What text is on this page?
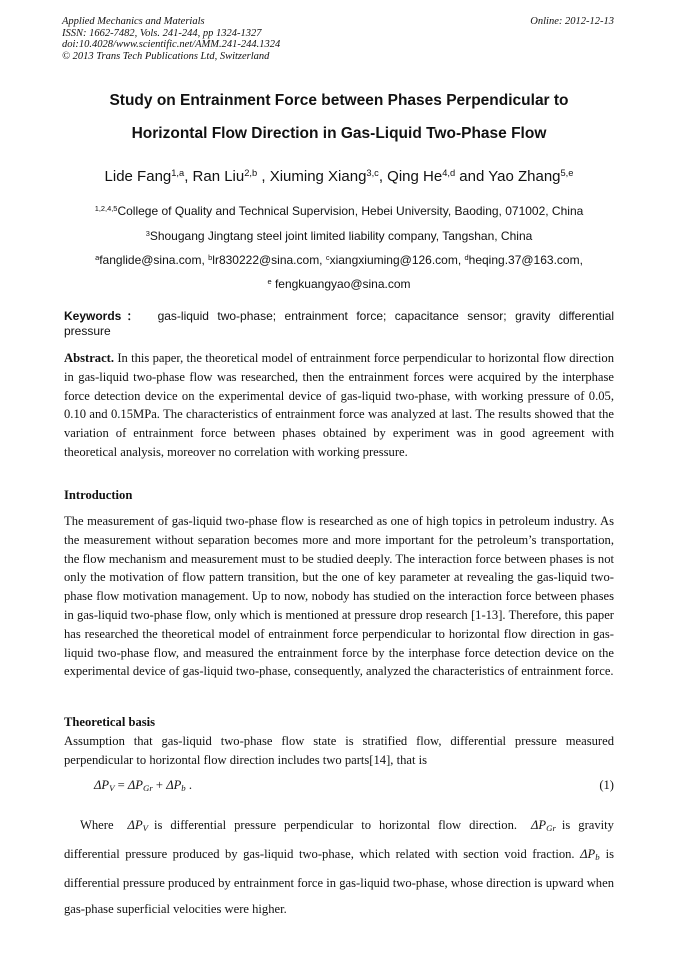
Applied Mechanics and Materials
ISSN: 1662-7482, Vols. 241-244, pp 1324-1327
doi:10.4028/www.scientific.net/AMM.241-244.1324
© 2013 Trans Tech Publications Ltd, Switzerland
Online: 2012-12-13
Study on Entrainment Force between Phases Perpendicular to
Horizontal Flow Direction in Gas-Liquid Two-Phase Flow
Lide Fang$^{1,a}$, Ran Liu$^{2,b}$ , Xiuming Xiang$^{3,c}$, Qing He$^{4,d}$ and Yao Zhang$^{5,e}$
$^{1,2,4,5}$College of Quality and Technical Supervision, Hebei University, Baoding, 071002, China
$^3$Shougang Jingtang steel joint limited liability company, Tangshan, China
$^a$fanglide@sina.com, $^b$lr830222@sina.com, $^c$xiangxiuming@126.com, $^d$heqing.37@163.com,
$^e$ fengkuangyao@sina.com
Keywords： gas-liquid two-phase; entrainment force; capacitance sensor; gravity differential pressure
Abstract. In this paper, the theoretical model of entrainment force perpendicular to horizontal flow direction in gas-liquid two-phase flow was researched, then the entrainment forces were acquired by the interphase force detection device on the experimental device of gas-liquid two-phase, with working pressure of 0.05, 0.10 and 0.15MPa. The characteristics of entrainment force was analyzed at last. The results showed that the variation of entrainment force between phases obtained by experiment was in good agreement with theoretical analysis, moreover no correlation with working pressure.
Introduction
The measurement of gas-liquid two-phase flow is researched as one of high topics in petroleum industry. As the measurement without separation becomes more and more important for the petroleum’s transportation, the flow mechanism and measurement must to be studied deeply. The interaction force between phases is not only the motivation of flow pattern transition, but the one of key parameter at revealing the gas-liquid two-phase flow motivation management. Up to now, nobody has studied on the interaction force between phases in gas-liquid two-phase flow, only which is mentioned at pressure drop research [1-13]. Therefore, this paper has researched the theoretical model of entrainment force perpendicular to horizontal flow direction in gas-liquid two-phase flow, and measured the entrainment force by the interphase force detection device on the experimental device of gas-liquid two-phase, consequently, analyzed the characteristics of entrainment force.
Theoretical basis
Assumption that gas-liquid two-phase flow state is stratified flow, differential pressure measured perpendicular to horizontal flow direction includes two parts[14], that is
$\Delta P_V = \Delta P_{Gr} + \Delta P_b$ .	(1)
Where $\Delta P_V$ is differential pressure perpendicular to horizontal flow direction. $\Delta P_{Gr}$ is gravity differential pressure produced by gas-liquid two-phase, which related with section void fraction. $\Delta P_b$ is differential pressure produced by entrainment force in gas-liquid two-phase, whose direction is upward when gas-phase superficial velocities were higher.
